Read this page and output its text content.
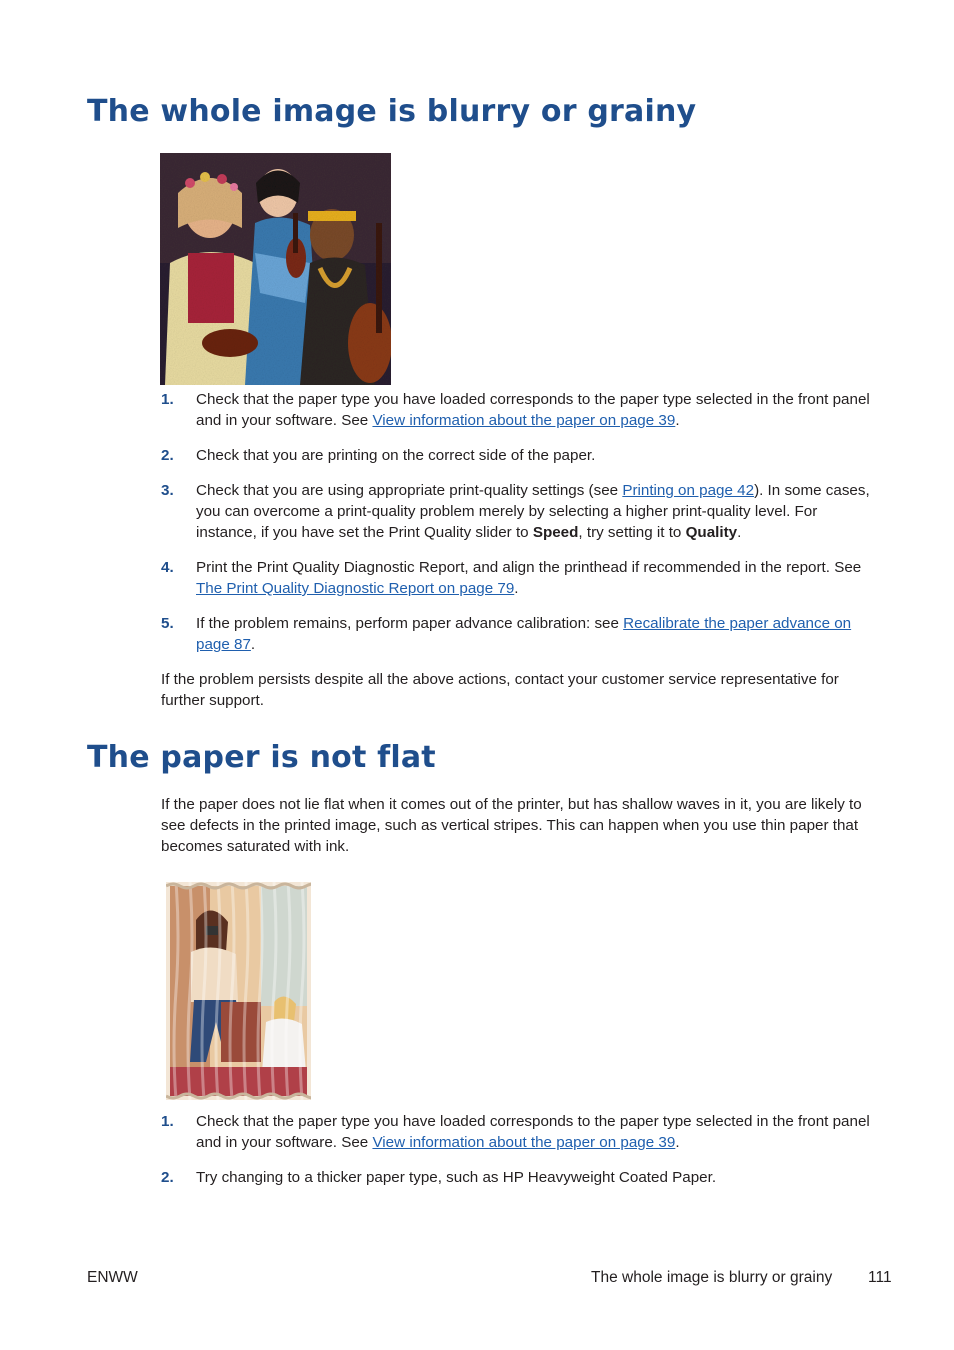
The whole image is blurry or grainy
1. Check that the paper type you have loaded corresponds to the paper type selected in the front panel and in your software. See View information about the paper on page 39.
2. Check that you are printing on the correct side of the paper.
3. Check that you are using appropriate print-quality settings (see Printing on page 42). In some cases, you can overcome a print-quality problem merely by selecting a higher print-quality level. For instance, if you have set the Print Quality slider to Speed, try setting it to Quality.
4. Print the Print Quality Diagnostic Report, and align the printhead if recommended in the report. See The Print Quality Diagnostic Report on page 79.
5. If the problem remains, perform paper advance calibration: see Recalibrate the paper advance on page 87.

If the problem persists despite all the above actions, contact your customer service representative for further support.

The paper is not flat

If the paper does not lie flat when it comes out of the printer, but has shallow waves in it, you are likely to see defects in the printed image, such as vertical stripes. This can happen when you use thin paper that becomes saturated with ink.

1. Check that the paper type you have loaded corresponds to the paper type selected in the front panel and in your software. See View information about the paper on page 39.
2. Try changing to a thicker paper type, such as HP Heavyweight Coated Paper.
ENWW	The whole image is blurry or grainy 111
